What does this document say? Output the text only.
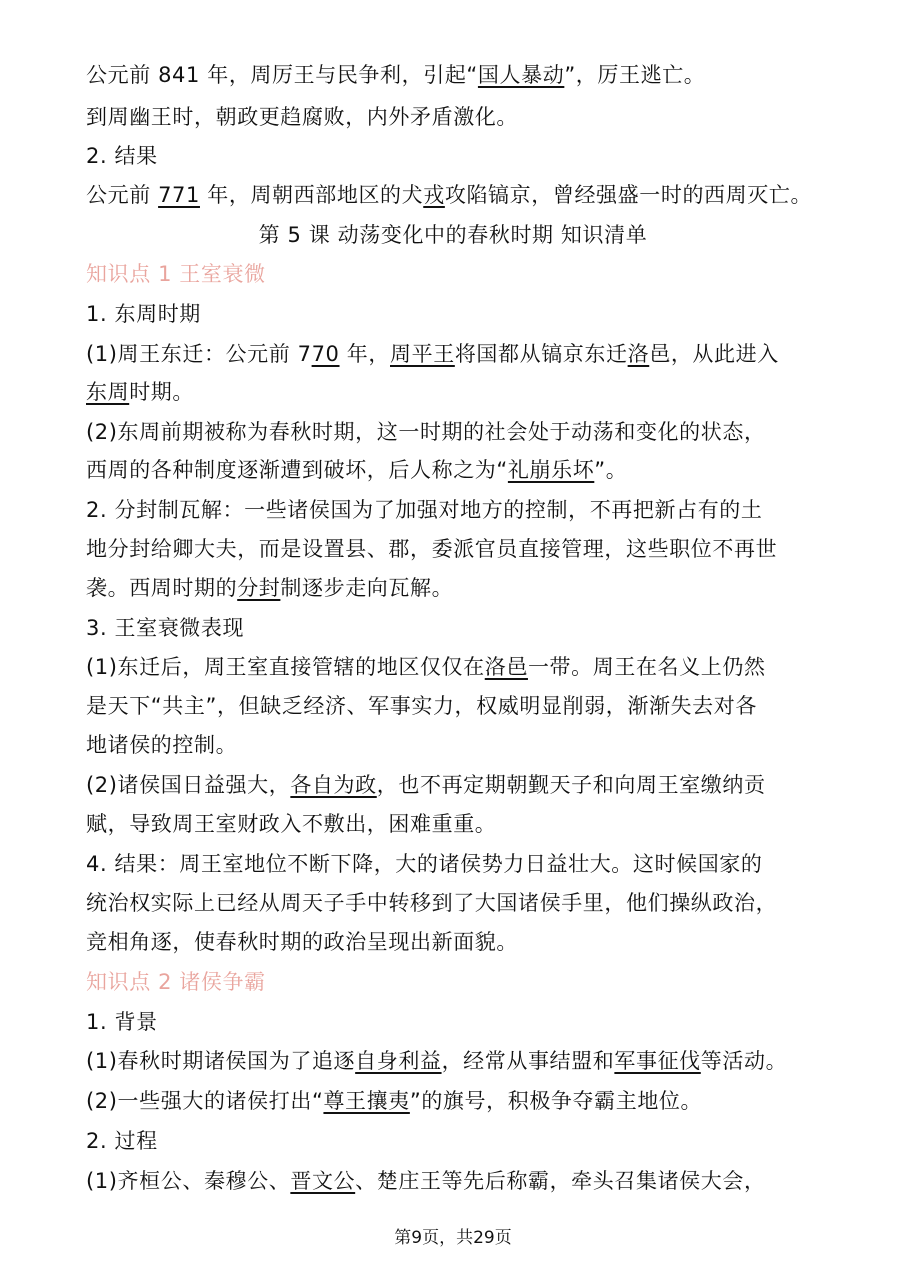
公元前 841 年，周厉王与民争利，引起“国人暴动”，厉王逃亡。
到周幽王时，朝政更趋腐败，内外矛盾激化。
2. 结果
公元前 771 年，周朝西部地区的犬戎攻陷镐京，曾经强盛一时的西周灭亡。
第 5 课 动荡变化中的春秋时期 知识清单
知识点 1 王室衰微
1. 东周时期
(1)周王东迁：公元前 770 年，周平王将国都从镐京东迁洛邑，从此进入
东周时期。
(2)东周前期被称为春秋时期，这一时期的社会处于动荡和变化的状态，
西周的各种制度逐渐遭到破坏，后人称之为“礼崩乐坏”。
2. 分封制瓦解：一些诸侯国为了加强对地方的控制，不再把新占有的土
地分封给卿大夫，而是设置县、郡，委派官员直接管理，这些职位不再世
袭。西周时期的分封制逐步走向瓦解。
3. 王室衰微表现
(1)东迁后，周王室直接管辖的地区仅仅在洛邑一带。周王在名义上仍然
是天下“共主”，但缺乏经济、军事实力，权威明显削弱，渐渐失去对各
地诸侯的控制。
(2)诸侯国日益强大，各自为政，也不再定期朝觐天子和向周王室缴纳贡
赋，导致周王室财政入不敷出，困难重重。
4. 结果：周王室地位不断下降，大的诸侯势力日益壮大。这时候国家的
统治权实际上已经从周天子手中转移到了大国诸侯手里，他们操纵政治，
竞相角逐，使春秋时期的政治呈现出新面貌。
知识点 2 诸侯争霸
1. 背景
(1)春秋时期诸侯国为了追逐自身利益，经常从事结盟和军事征伐等活动。
(2)一些强大的诸侯打出“尊王攘夷”的旗号，积极争夺霸主地位。
2. 过程
(1)齐桓公、秦穆公、晋文公、楚庄王等先后称霸，牵头召集诸侯大会，
第9页，共29页
